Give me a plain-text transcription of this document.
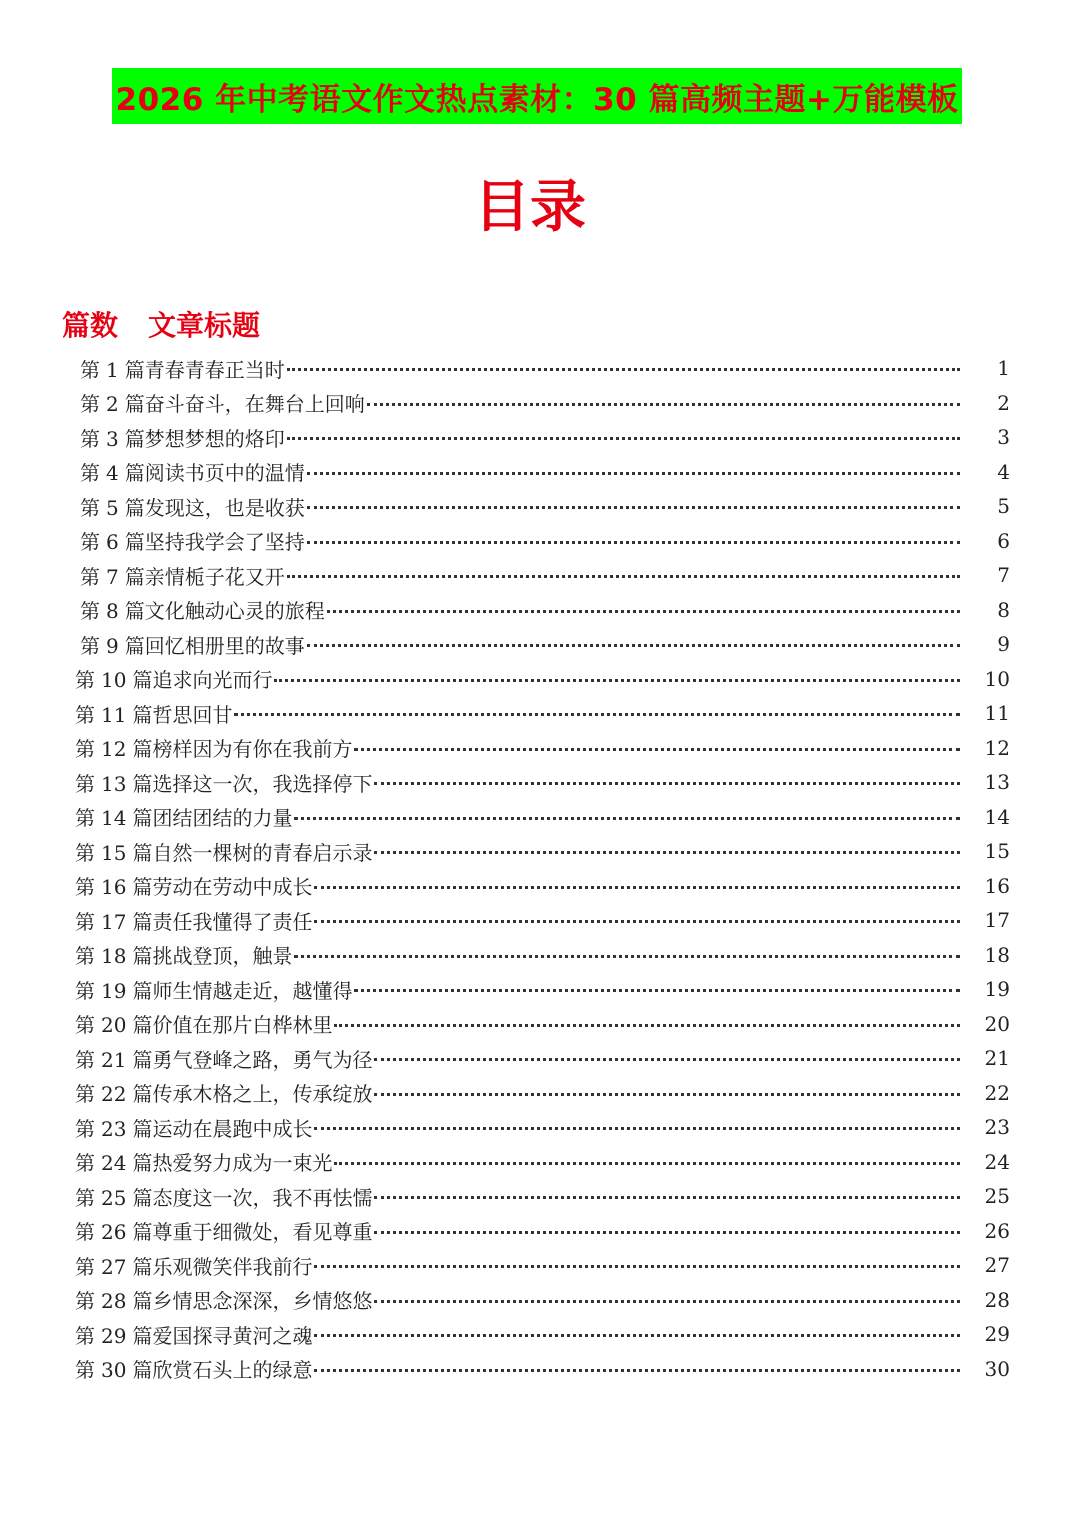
2026 年中考语文作文热点素材：30 篇高频主题+万能模板
目录
篇数 文章标题
第 1 篇青春青春正当时	1
第 2 篇奋斗奋斗，在舞台上回响	2
第 3 篇梦想梦想的烙印	3
第 4 篇阅读书页中的温情	4
第 5 篇发现这，也是收获	5
第 6 篇坚持我学会了坚持	6
第 7 篇亲情栀子花又开	7
第 8 篇文化触动心灵的旅程	8
第 9 篇回忆相册里的故事	9
第 10 篇追求向光而行	10
第 11 篇哲思回甘	11
第 12 篇榜样因为有你在我前方	12
第 13 篇选择这一次，我选择停下	13
第 14 篇团结团结的力量	14
第 15 篇自然一棵树的青春启示录	15
第 16 篇劳动在劳动中成长	16
第 17 篇责任我懂得了责任	17
第 18 篇挑战登顶，触景	18
第 19 篇师生情越走近，越懂得	19
第 20 篇价值在那片白桦林里	20
第 21 篇勇气登峰之路，勇气为径	21
第 22 篇传承木格之上，传承绽放	22
第 23 篇运动在晨跑中成长	23
第 24 篇热爱努力成为一束光	24
第 25 篇态度这一次，我不再怯懦	25
第 26 篇尊重于细微处，看见尊重	26
第 27 篇乐观微笑伴我前行	27
第 28 篇乡情思念深深，乡情悠悠	28
第 29 篇爱国探寻黄河之魂	29
第 30 篇欣赏石头上的绿意	30
